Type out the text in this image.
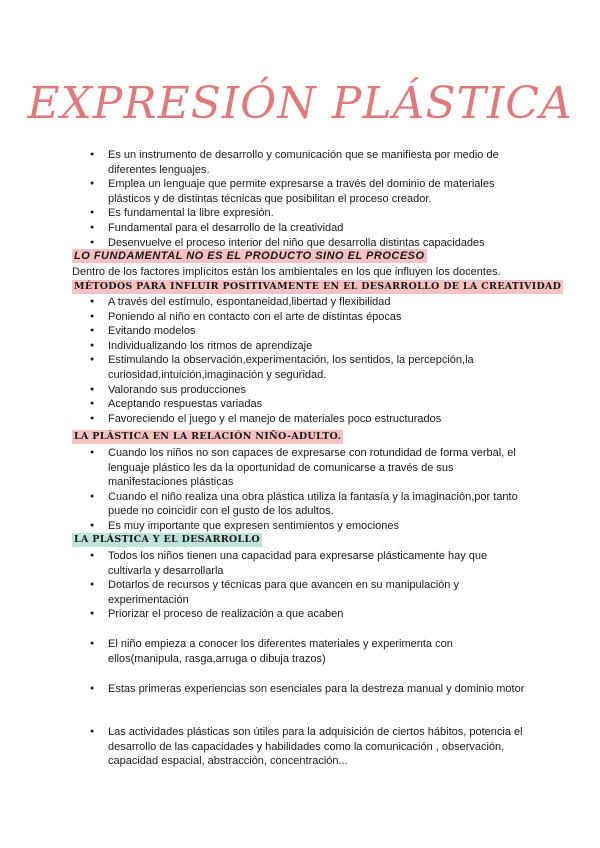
EXPRESIÓN PLÁSTICA
● Es un instrumento de desarrollo y comunicación que se manifiesta por medio de diferentes lenguajes.
● Emplea un lenguaje que permite expresarse a través del dominio de materiales plásticos y de distintas técnicas que posibilitan el proceso creador.
● Es fundamental la libre expresión.
● Fundamental para el desarrollo de la creatividad
● Desenvuelve el proceso interior del niño que desarrolla distintas capacidades
LO FUNDAMENTAL NO ES EL PRODUCTO SINO EL PROCESO
Dentro de los factores implícitos están los ambientales en los que influyen los docentes.
MÉTODOS PARA INFLUIR POSITIVAMENTE EN EL DESARROLLO DE LA CREATIVIDAD
● A través del estímulo, espontaneidad,libertad y flexibilidad
● Poniendo al niño en contacto con el arte de distintas épocas
● Evitando modelos
● Individualizando los ritmos de aprendizaje
● Estimulando la observación,experimentación, los sentidos, la percepción,la curiosidad,intuición,imaginación y seguridad.
● Valorando sus producciones
● Aceptando respuestas variadas
● Favoreciendo el juego y el manejo de materiales poco estructurados
LA PLÁSTICA EN LA RELACIÓN NIÑO-ADULTO.
● Cuando los niños no son capaces de expresarse con rotundidad de forma verbal, el lenguaje plástico les da la oportunidad de comunicarse a través de sus manifestaciones plásticas
● Cuando el niño realiza una obra plástica utiliza la fantasía y la imaginación,por tanto puede no coincidir con el gusto de los adultos.
● Es muy importante que expresen sentimientos y emociones
LA PLÁSTICA Y EL DESARROLLO
● Todos los niños tienen una capacidad para expresarse plásticamente hay que cultivarla y desarrollarla
● Dotarlos de recursos y técnicas para que avancen en su manipulación y experimentación
● Priorizar el proceso de realización a que acaben
● El niño empieza a conocer los diferentes materiales y experimenta con ellos(manipula, rasga,arruga o dibuja trazos)
● Estas primeras experiencias son esenciales para la destreza manual y dominio motor
● Las actividades plásticas son útiles para la adquisición de ciertos hábitos, potencia el desarrollo de las capacidades y habilidades como la comunicación , observación, capacidad espacial, abstracción, concentración...
